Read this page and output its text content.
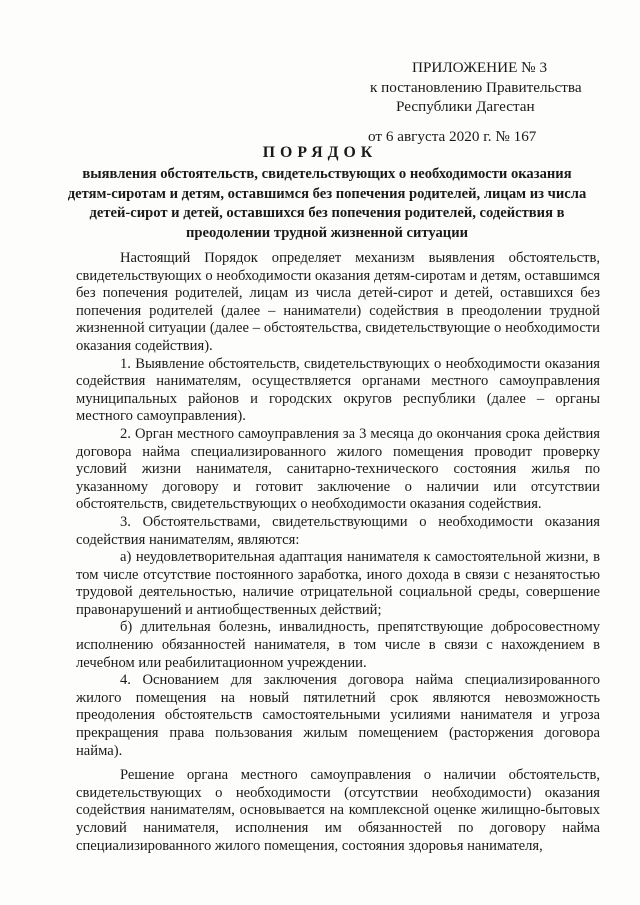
ПРИЛОЖЕНИЕ № 3
к постановлению Правительства
Республики Дагестан
от 6 августа 2020 г. № 167
ПОРЯДОК
выявления обстоятельств, свидетельствующих о необходимости оказания детям-сиротам и детям, оставшимся без попечения родителей, лицам из числа детей-сирот и детей, оставшихся без попечения родителей, содействия в преодолении трудной жизненной ситуации

Настоящий Порядок определяет механизм выявления обстоятельств, свидетельствующих о необходимости оказания детям-сиротам и детям, оставшимся без попечения родителей, лицам из числа детей-сирот и детей, оставшихся без попечения родителей (далее – наниматели) содействия в преодолении трудной жизненной ситуации (далее – обстоятельства, свидетельствующие о необходимости оказания содействия).

1. Выявление обстоятельств, свидетельствующих о необходимости оказания содействия нанимателям, осуществляется органами местного самоуправления муниципальных районов и городских округов республики (далее – органы местного самоуправления).

2. Орган местного самоуправления за 3 месяца до окончания срока действия договора найма специализированного жилого помещения проводит проверку условий жизни нанимателя, санитарно-технического состояния жилья по указанному договору и готовит заключение о наличии или отсутствии обстоятельств, свидетельствующих о необходимости оказания содействия.

3. Обстоятельствами, свидетельствующими о необходимости оказания содействия нанимателям, являются:

а) неудовлетворительная адаптация нанимателя к самостоятельной жизни, в том числе отсутствие постоянного заработка, иного дохода в связи с незанятостью трудовой деятельностью, наличие отрицательной социальной среды, совершение правонарушений и антиобщественных действий;

б) длительная болезнь, инвалидность, препятствующие добросовестному исполнению обязанностей нанимателя, в том числе в связи с нахождением в лечебном или реабилитационном учреждении.

4. Основанием для заключения договора найма специализированного жилого помещения на новый пятилетний срок являются невозможность преодоления обстоятельств самостоятельными усилиями нанимателя и угроза прекращения права пользования жилым помещением (расторжения договора найма).

Решение органа местного самоуправления о наличии обстоятельств, свидетельствующих о необходимости (отсутствии необходимости) оказания содействия нанимателям, основывается на комплексной оценке жилищно-бытовых условий нанимателя, исполнения им обязанностей по договору найма специализированного жилого помещения, состояния здоровья нанимателя,
